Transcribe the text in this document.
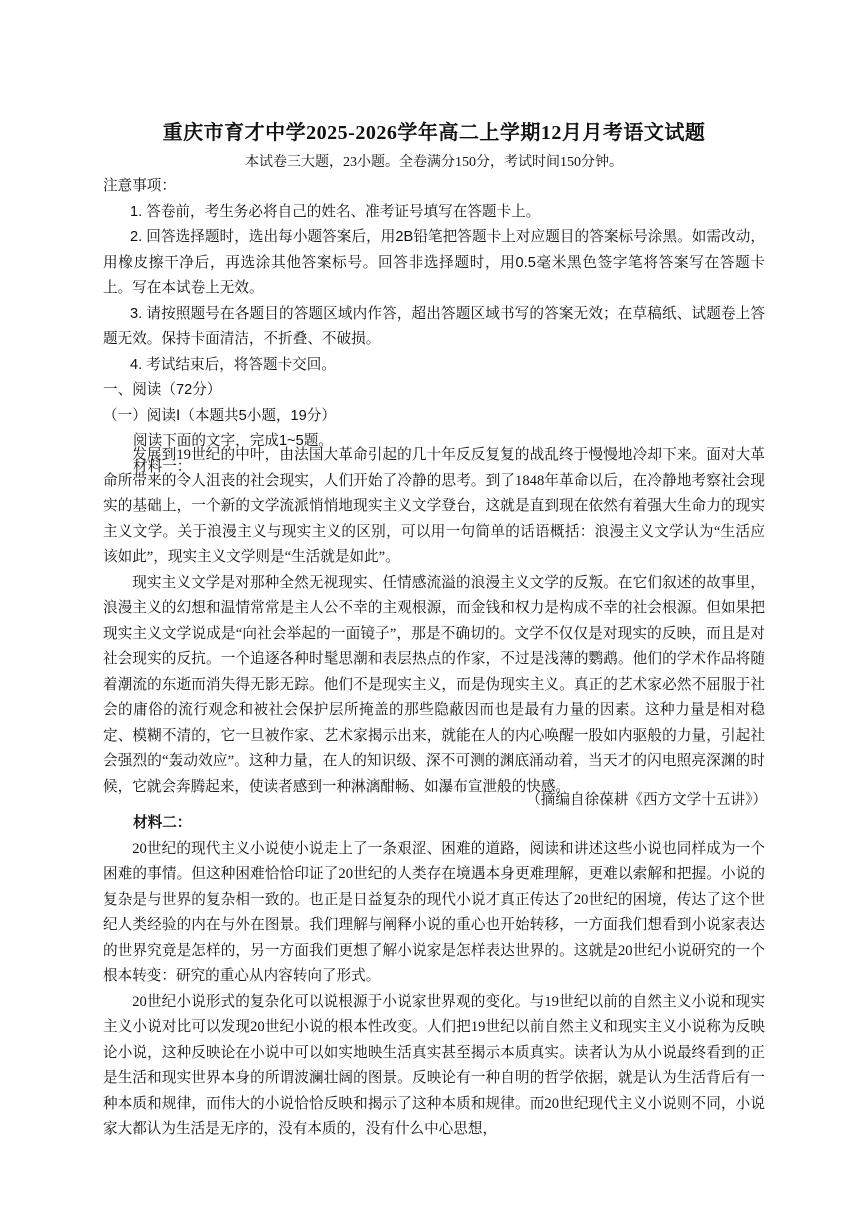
重庆市育才中学2025-2026学年高二上学期12月月考语文试题
本试卷三大题，23小题。全卷满分150分，考试时间150分钟。

注意事项：

1. 答卷前，考生务必将自己的姓名、准考证号填写在答题卡上。

2. 回答选择题时，选出每小题答案后，用2B铅笔把答题卡上对应题目的答案标号涂黑。如需改动，用橡皮擦干净后，再选涂其他答案标号。回答非选择题时，用0.5毫米黑色签字笔将答案写在答题卡上。写在本试卷上无效。

3. 请按照题号在各题目的答题区域内作答，超出答题区域书写的答案无效；在草稿纸、试题卷上答题无效。保持卡面清洁，不折叠、不破损。

4. 考试结束后，将答题卡交回。

一、阅读（72分）

（一）阅读Ⅰ（本题共5小题，19分）

阅读下面的文字，完成1~5题。

材料一：

发展到19世纪的中叶，由法国大革命引起的几十年反反复复的战乱终于慢慢地冷却下来。面对大革命所带来的令人沮丧的社会现实，人们开始了冷静的思考。到了1848年革命以后，在冷静地考察社会现实的基础上，一个新的文学流派悄悄地现实主义文学登台，这就是直到现在依然有着强大生命力的现实主义文学。关于浪漫主义与现实主义的区别，可以用一句简单的话语概括：浪漫主义文学认为“生活应该如此”，现实主义文学则是“生活就是如此”。

现实主义文学是对那种全然无视现实、任情感流溢的浪漫主义文学的反叛。在它们叙述的故事里，浪漫主义的幻想和温情常常是主人公不幸的主观根源，而金钱和权力是构成不幸的社会根源。但如果把现实主义文学说成是“向社会举起的一面镜子”，那是不确切的。文学不仅仅是对现实的反映，而且是对社会现实的反抗。一个追逐各种时髦思潮和表层热点的作家，不过是浅薄的鹦鹉。他们的学术作品将随着潮流的东逝而消失得无影无踪。他们不是现实主义，而是伪现实主义。真正的艺术家必然不屈服于社会的庸俗的流行观念和被社会保护层所掩盖的那些隐蔽因而也是最有力量的因素。这种力量是相对稳定、模糊不清的，它一旦被作家、艺术家揭示出来，就能在人的内心唤醒一股如内驱般的力量，引起社会强烈的“轰动效应”。这种力量，在人的知识级、深不可测的渊底涌动着，当天才的闪电照亮深渊的时候，它就会奔腾起来，使读者感到一种淋漓酣畅、如瀑布宣泄般的快感。

（摘编自徐葆耕《西方文学十五讲》）

材料二：

20世纪的现代主义小说使小说走上了一条艰涩、困难的道路，阅读和讲述这些小说也同样成为一个困难的事情。但这种困难恰恰印证了20世纪的人类存在境遇本身更难理解，更难以索解和把握。小说的复杂是与世界的复杂相一致的。也正是日益复杂的现代小说才真正传达了20世纪的困境，传达了这个世纪人类经验的内在与外在图景。我们理解与阐释小说的重心也开始转移，一方面我们想看到小说家表达的世界究竟是怎样的，另一方面我们更想了解小说家是怎样表达世界的。这就是20世纪小说研究的一个根本转变：研究的重心从内容转向了形式。

20世纪小说形式的复杂化可以说根源于小说家世界观的变化。与19世纪以前的自然主义小说和现实主义小说对比可以发现20世纪小说的根本性改变。人们把19世纪以前自然主义和现实主义小说称为反映论小说，这种反映论在小说中可以如实地映生活真实甚至揭示本质真实。读者认为从小说最终看到的正是生活和现实世界本身的所谓波澜壮阔的图景。反映论有一种自明的哲学依据，就是认为生活背后有一种本质和规律，而伟大的小说恰恰反映和揭示了这种本质和规律。而20世纪现代主义小说则不同，小说家大都认为生活是无序的，没有本质的，没有什么中心思想，
